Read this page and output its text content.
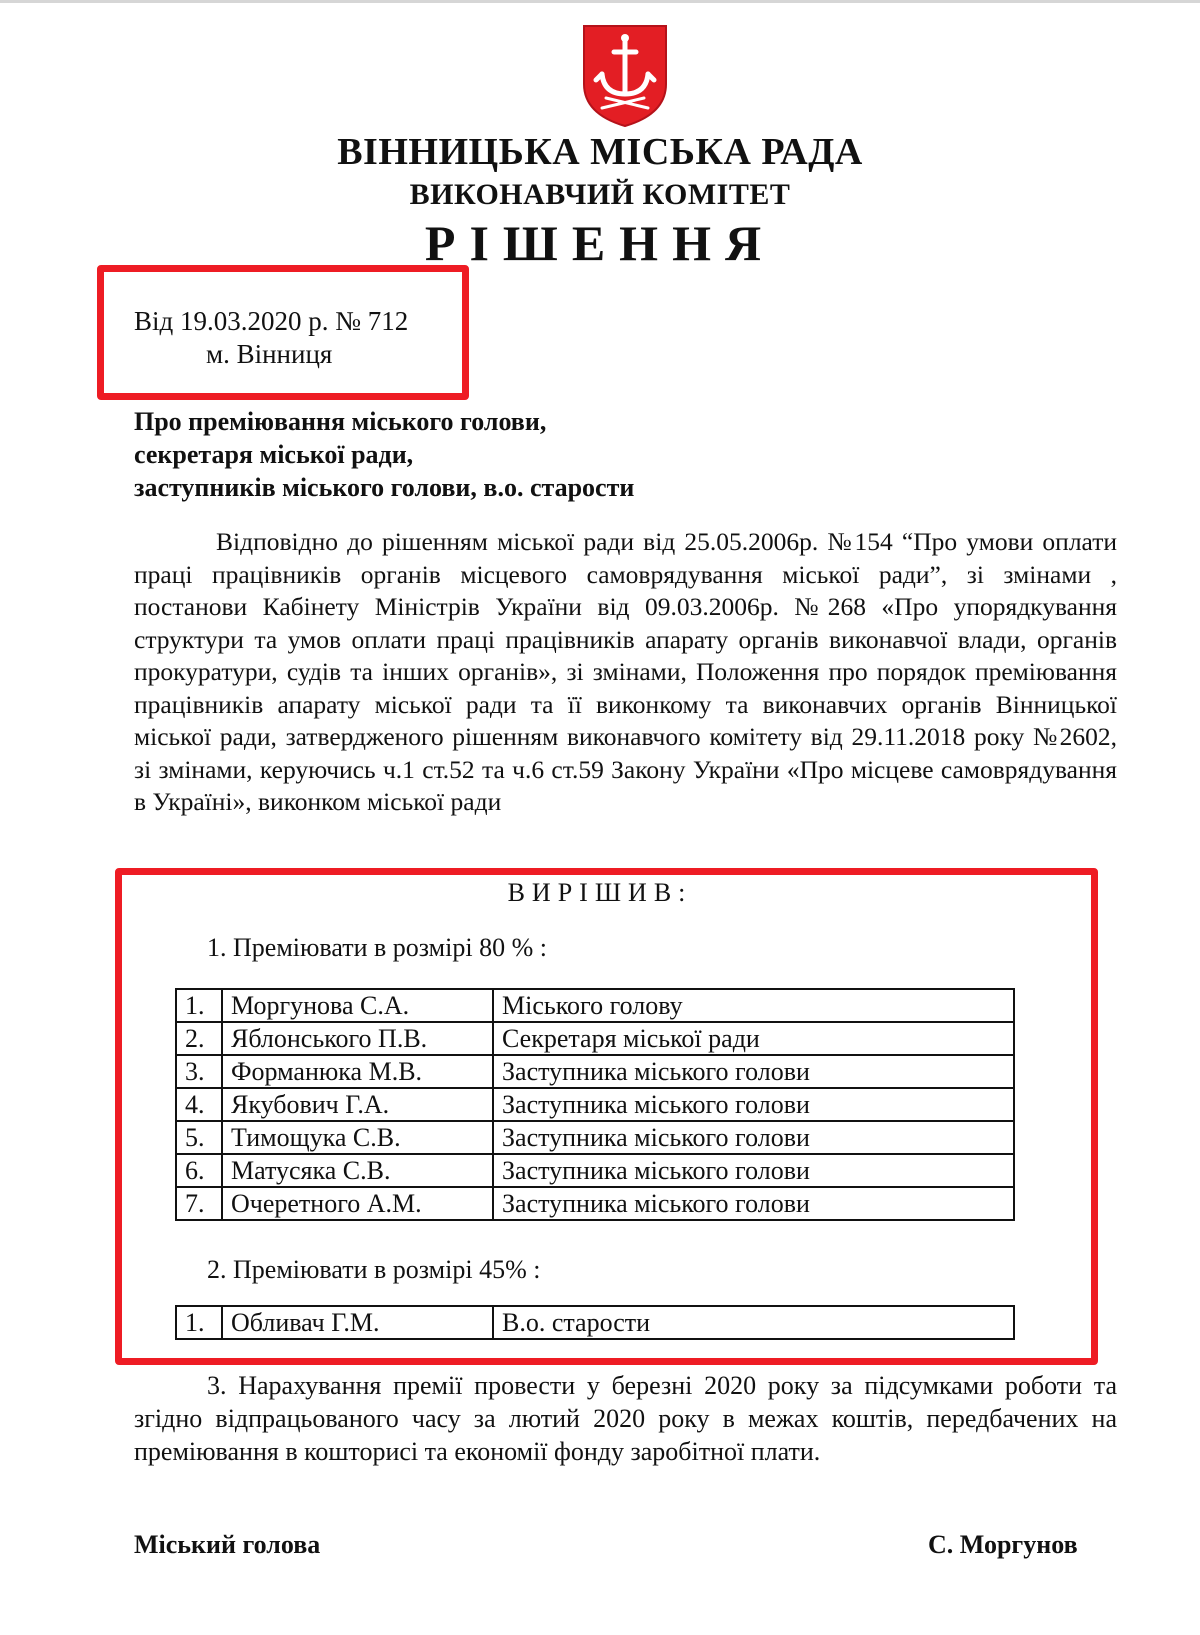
ВІННИЦЬКА МІСЬКА РАДА
ВИКОНАВЧИЙ КОМІТЕТ
РІШЕННЯ
Від 19.03.2020 р. № 712
м. Вінниця
Про преміювання міського голови,
секретаря міської ради,
заступників міського голови, в.о. старости

Відповідно до рішенням міської ради від 25.05.2006р. №154 “Про умови оплати праці працівників органів місцевого самоврядування міської ради”, зі змінами , постанови Кабінету Міністрів України від 09.03.2006р. №268 «Про упорядкування структури та умов оплати праці працівників апарату органів виконавчої влади, органів прокуратури, судів та інших органів», зі змінами, Положення про порядок преміювання працівників апарату міської ради та її виконкому та виконавчих органів Вінницької міської ради, затвердженого рішенням виконавчого комітету від 29.11.2018 року №2602, зі змінами, керуючись ч.1 ст.52 та ч.6 ст.59 Закону України «Про місцеве самоврядування в Україні», виконком міської ради

ВИРІШИВ:
1. Преміювати в розмірі 80 % :
1.	Моргунова С.А.	Міського голову
2.	Яблонського П.В.	Секретаря міської ради
3.	Форманюка М.В.	Заступника міського голови
4.	Якубович Г.А.	Заступника міського голови
5.	Тимощука С.В.	Заступника міського голови
6.	Матусяка С.В.	Заступника міського голови
7.	Очеретного А.М.	Заступника міського голови
2. Преміювати в розмірі 45% :
1.	Обливач Г.М.	В.о. старости
3. Нарахування премії провести у березні 2020 року за підсумками роботи та згідно відпрацьованого часу за лютий 2020 року в межах коштів, передбачених на преміювання в кошторисі та економії фонду заробітної плати.
Міський голова	С. Моргунов
